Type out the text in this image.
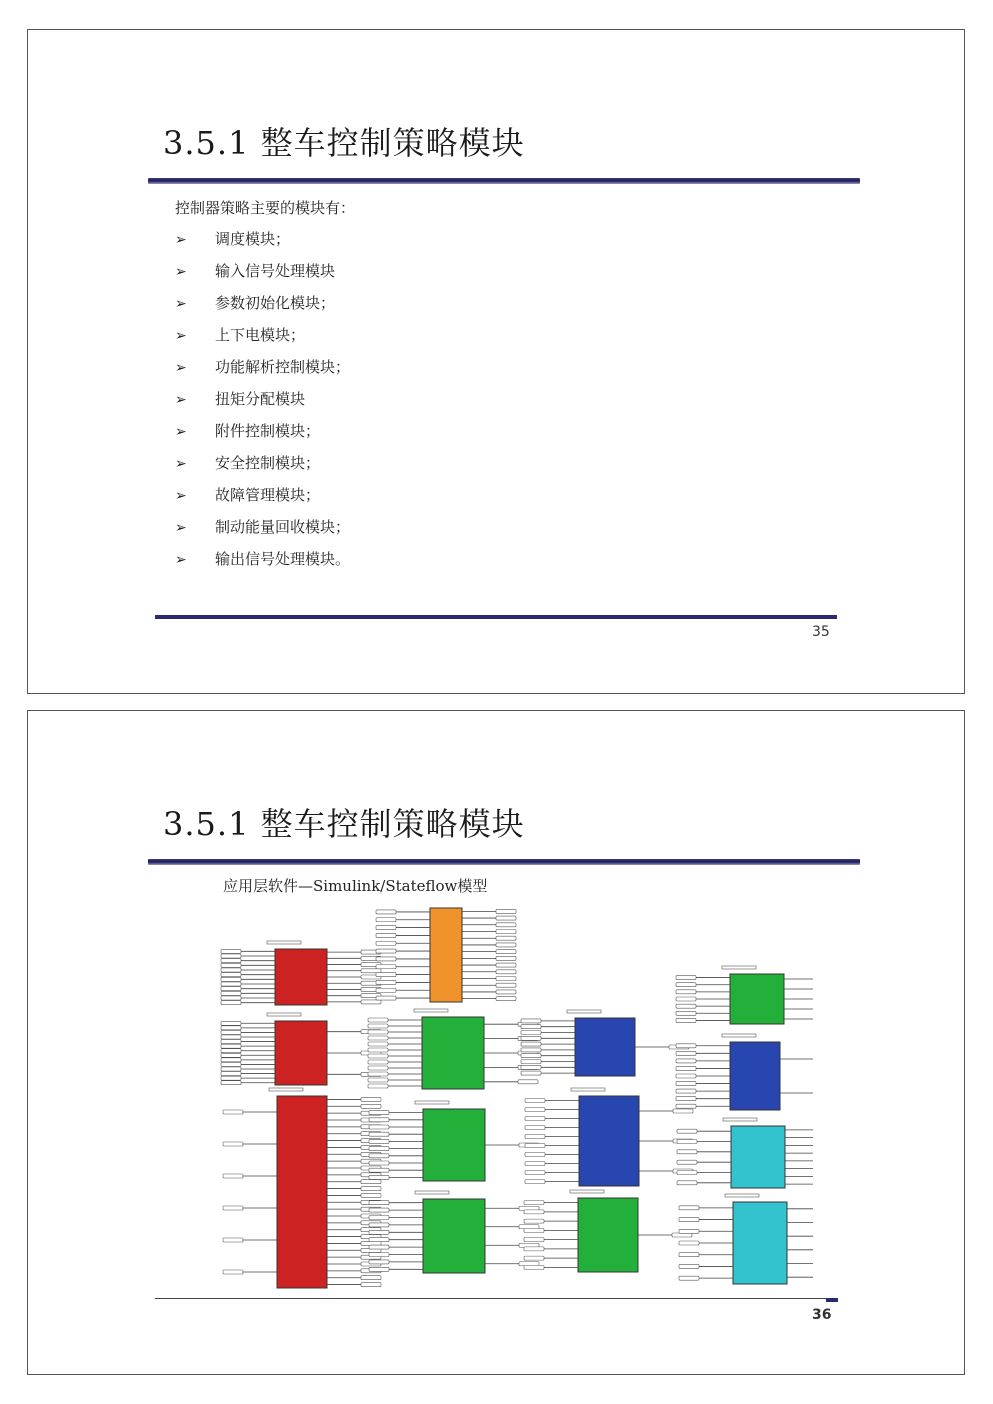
3.5.1 整车控制策略模块
控制器策略主要的模块有：
➢ 调度模块；
➢ 输入信号处理模块
➢ 参数初始化模块；
➢ 上下电模块；
➢ 功能解析控制模块；
➢ 扭矩分配模块
➢ 附件控制模块；
➢ 安全控制模块；
➢ 故障管理模块；
➢ 制动能量回收模块；
➢ 输出信号处理模块。
35
3.5.1 整车控制策略模块
应用层软件—Simulink/Stateflow模型
36
